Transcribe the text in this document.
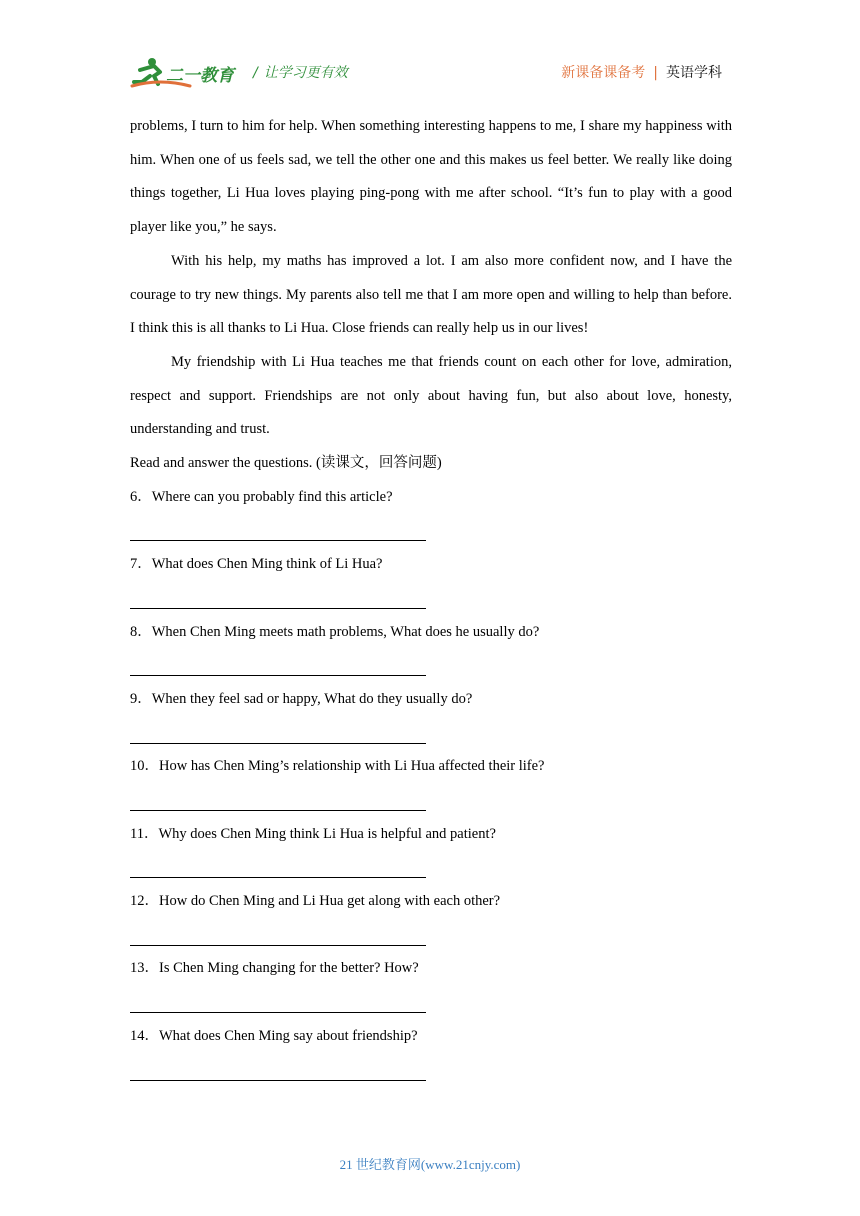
二一教育 / 让学习更有效	新课备课备考 | 英语学科

problems, I turn to him for help. When something interesting happens to me, I share my happiness with him. When one of us feels sad, we tell the other one and this makes us feel better. We really like doing things together, Li Hua loves playing ping-pong with me after school. “It’s fun to play with a good player like you,” he says.

With his help, my maths has improved a lot. I am also more confident now, and I have the courage to try new things. My parents also tell me that I am more open and willing to help than before. I think this is all thanks to Li Hua. Close friends can really help us in our lives!

My friendship with Li Hua teaches me that friends count on each other for love, admiration, respect and support. Friendships are not only about having fun, but also about love, honesty, understanding and trust.

Read and answer the questions. (读课文，回答问题)

6．Where can you probably find this article?

7．What does Chen Ming think of Li Hua?

8．When Chen Ming meets math problems, What does he usually do?

9．When they feel sad or happy, What do they usually do?

10．How has Chen Ming’s relationship with Li Hua affected their life?

11．Why does Chen Ming think Li Hua is helpful and patient?

12．How do Chen Ming and Li Hua get along with each other?

13．Is Chen Ming changing for the better? How?

14．What does Chen Ming say about friendship?

21 世纪教育网(www.21cnjy.com)
